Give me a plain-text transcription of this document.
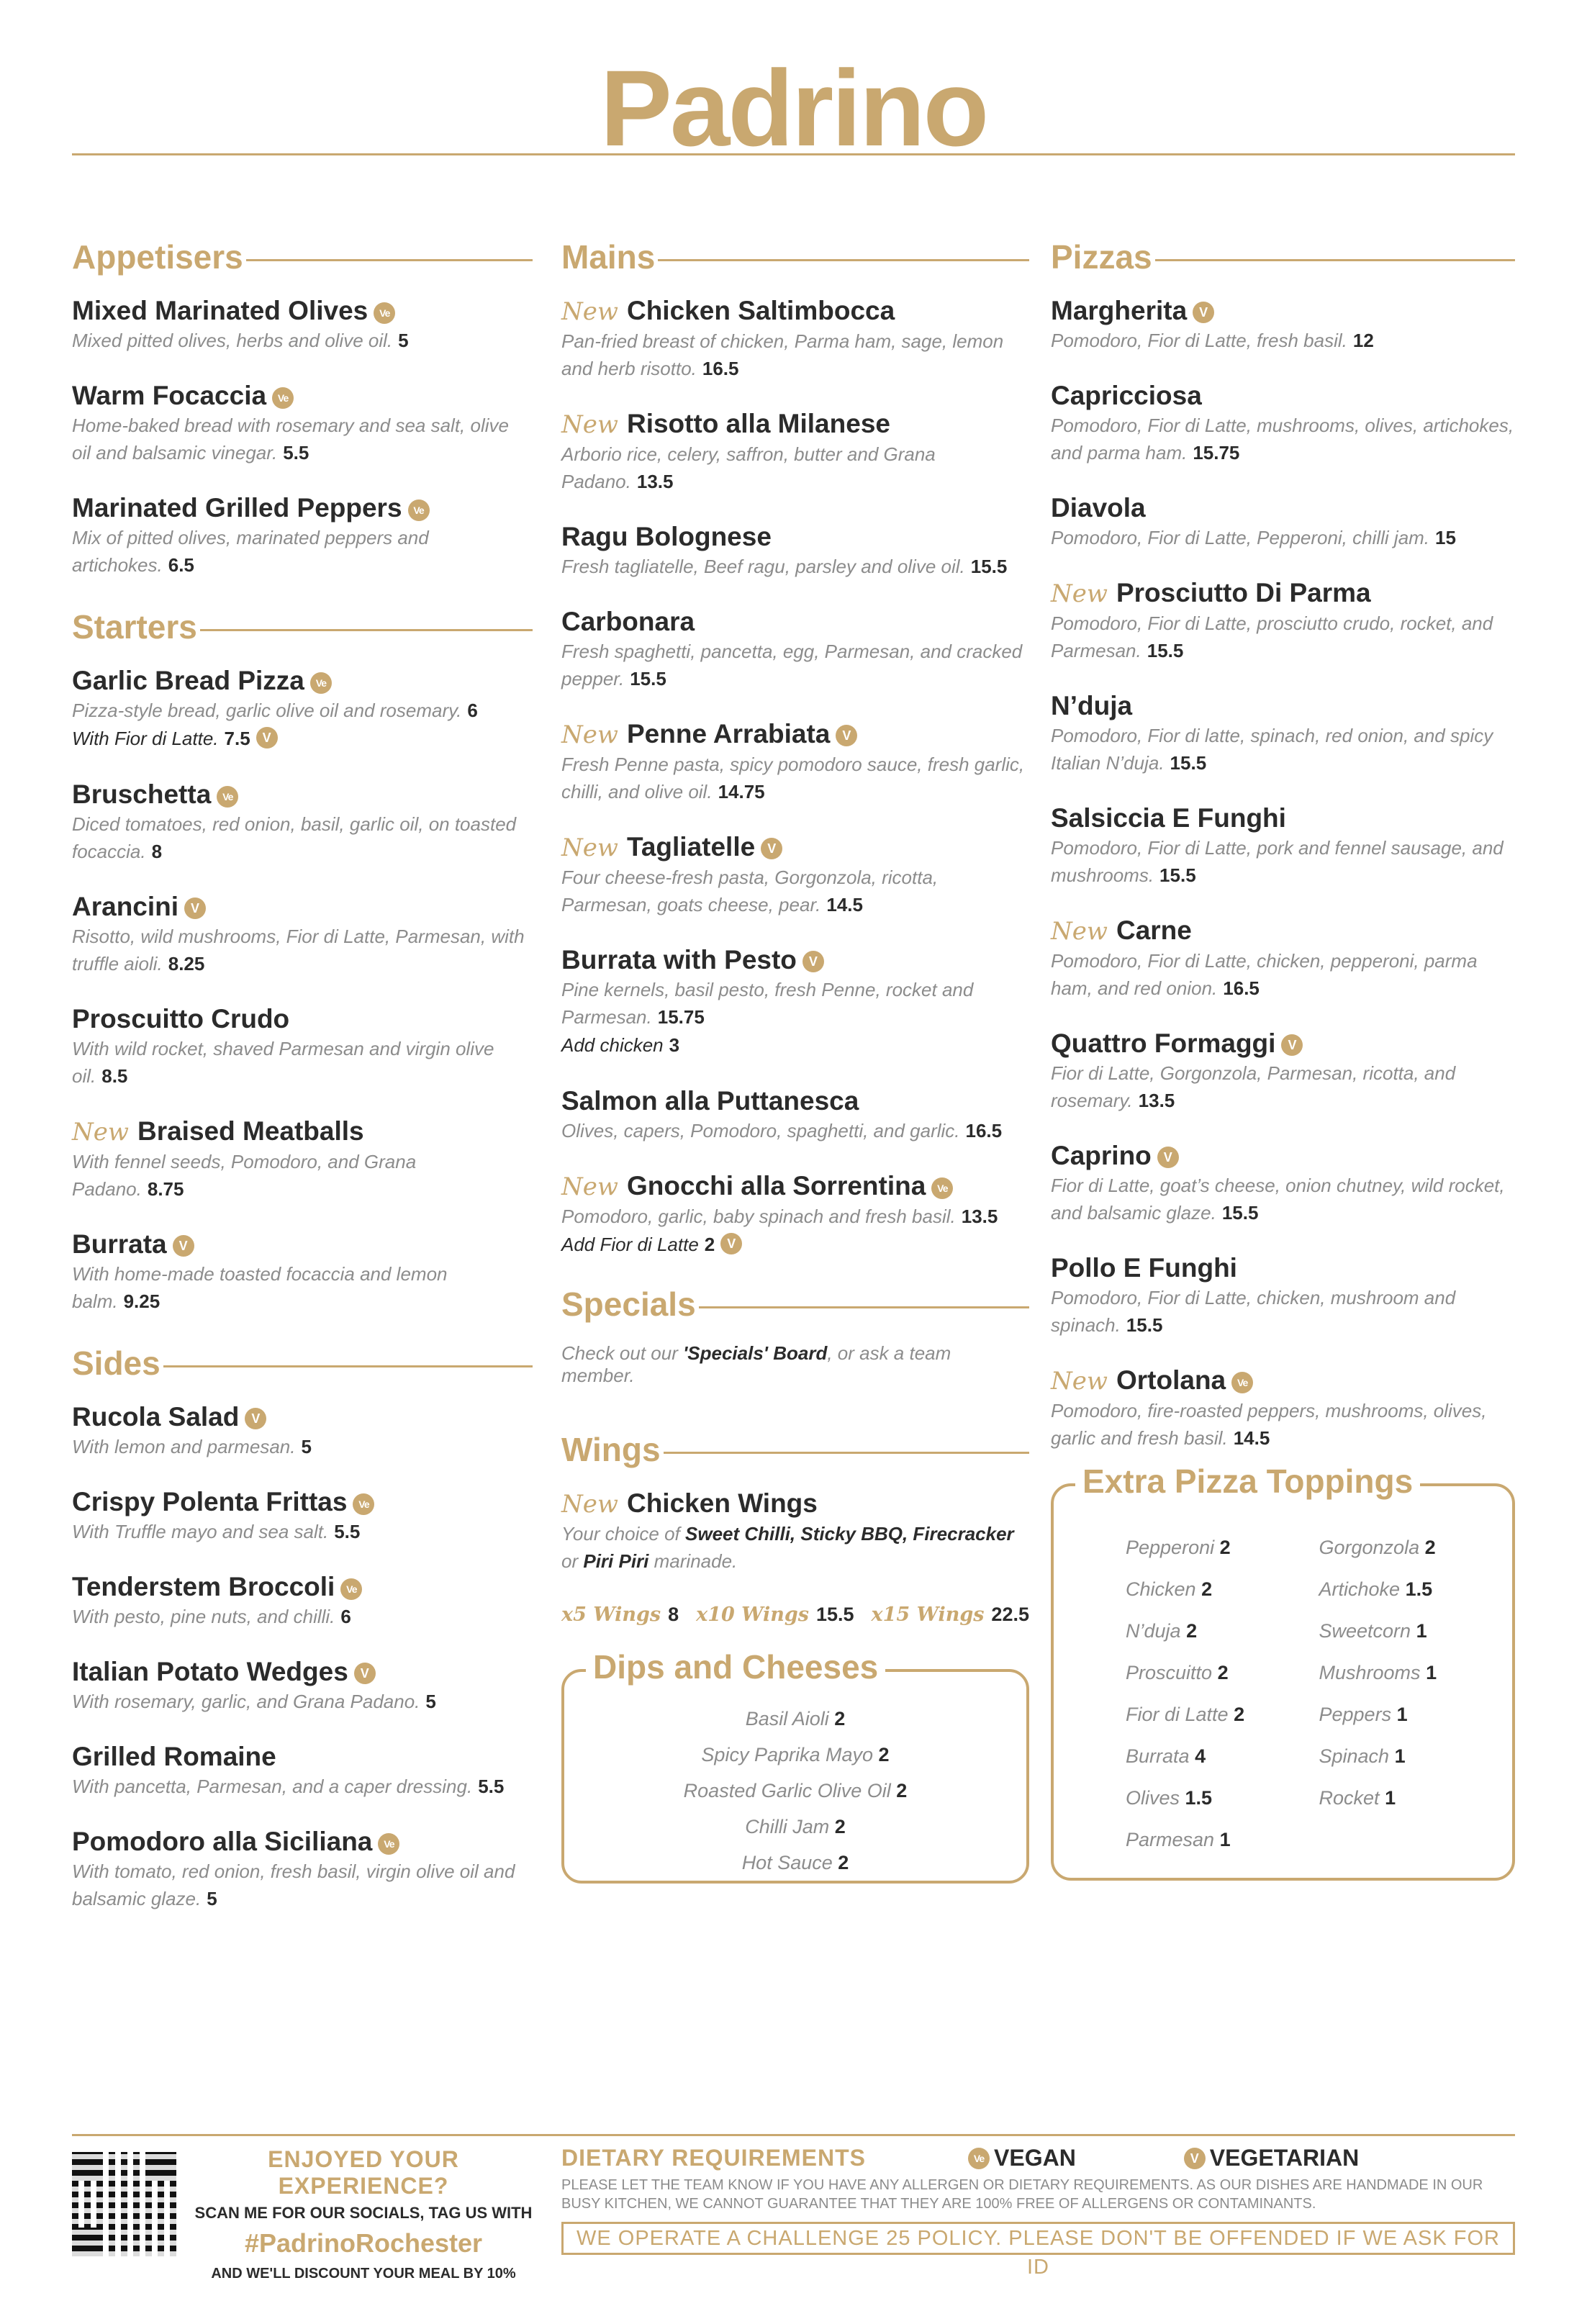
Padrino
Appetisers
Mixed Marinated Olives Ve
Mixed pitted olives, herbs and olive oil. 5
Warm Focaccia Ve
Home-baked bread with rosemary and sea salt, olive oil and balsamic vinegar. 5.5
Marinated Grilled Peppers Ve
Mix of pitted olives, marinated peppers and artichokes. 6.5
Starters
Garlic Bread Pizza Ve
Pizza-style bread, garlic olive oil and rosemary. 6
With Fior di Latte. 7.5 V
Bruschetta Ve
Diced tomatoes, red onion, basil, garlic oil, on toasted focaccia. 8
Arancini V
Risotto, wild mushrooms, Fior di Latte, Parmesan, with truffle aioli. 8.25
Proscuitto Crudo
With wild rocket, shaved Parmesan and virgin olive oil. 8.5
New Braised Meatballs
With fennel seeds, Pomodoro, and Grana Padano. 8.75
Burrata V
With home-made toasted focaccia and lemon balm. 9.25
Sides
Rucola Salad V
With lemon and parmesan. 5
Crispy Polenta Frittas Ve
With Truffle mayo and sea salt. 5.5
Tenderstem Broccoli Ve
With pesto, pine nuts, and chilli. 6
Italian Potato Wedges V
With rosemary, garlic, and Grana Padano. 5
Grilled Romaine
With pancetta, Parmesan, and a caper dressing. 5.5
Pomodoro alla Siciliana Ve
With tomato, red onion, fresh basil, virgin olive oil and balsamic glaze. 5
Mains
New Chicken Saltimbocca
Pan-fried breast of chicken, Parma ham, sage, lemon and herb risotto. 16.5
New Risotto alla Milanese
Arborio rice, celery, saffron, butter and Grana Padano. 13.5
Ragu Bolognese
Fresh tagliatelle, Beef ragu, parsley and olive oil. 15.5
Carbonara
Fresh spaghetti, pancetta, egg, Parmesan, and cracked pepper. 15.5
New Penne Arrabiata V
Fresh Penne pasta, spicy pomodoro sauce, fresh garlic, chilli, and olive oil. 14.75
New Tagliatelle V
Four cheese-fresh pasta, Gorgonzola, ricotta, Parmesan, goats cheese, pear. 14.5
Burrata with Pesto V
Pine kernels, basil pesto, fresh Penne, rocket and Parmesan. 15.75
Add chicken 3
Salmon alla Puttanesca
Olives, capers, Pomodoro, spaghetti, and garlic. 16.5
New Gnocchi alla Sorrentina Ve
Pomodoro, garlic, baby spinach and fresh basil. 13.5
Add Fior di Latte 2 V
Specials
Check out our 'Specials' Board, or ask a team member.
Wings
New Chicken Wings
Your choice of Sweet Chilli, Sticky BBQ, Firecracker or Piri Piri marinade.
x5 Wings 8 x10 Wings 15.5 x15 Wings 22.5
Dips and Cheeses
Basil Aioli 2
Spicy Paprika Mayo 2
Roasted Garlic Olive Oil 2
Chilli Jam 2
Hot Sauce 2
Pizzas
Margherita V
Pomodoro, Fior di Latte, fresh basil. 12
Capricciosa
Pomodoro, Fior di Latte, mushrooms, olives, artichokes, and parma ham. 15.75
Diavola
Pomodoro, Fior di Latte, Pepperoni, chilli jam. 15
New Prosciutto Di Parma
Pomodoro, Fior di Latte, prosciutto crudo, rocket, and Parmesan. 15.5
N’duja
Pomodoro, Fior di latte, spinach, red onion, and spicy Italian N’duja. 15.5
Salsiccia E Funghi
Pomodoro, Fior di Latte, pork and fennel sausage, and mushrooms. 15.5
New Carne
Pomodoro, Fior di Latte, chicken, pepperoni, parma ham, and red onion. 16.5
Quattro Formaggi V
Fior di Latte, Gorgonzola, Parmesan, ricotta, and rosemary. 13.5
Caprino V
Fior di Latte, goat’s cheese, onion chutney, wild rocket, and balsamic glaze. 15.5
Pollo E Funghi
Pomodoro, Fior di Latte, chicken, mushroom and spinach. 15.5
New Ortolana Ve
Pomodoro, fire-roasted peppers, mushrooms, olives, garlic and fresh basil. 14.5
Extra Pizza Toppings
Pepperoni 2
Chicken 2
N’duja 2
Proscuitto 2
Fior di Latte 2
Burrata 4
Olives 1.5
Parmesan 1
Gorgonzola 2
Artichoke 1.5
Sweetcorn 1
Mushrooms 1
Peppers 1
Spinach 1
Rocket 1
ENJOYED YOUR EXPERIENCE?
SCAN ME FOR OUR SOCIALS, TAG US WITH
#PadrinoRochester
AND WE'LL DISCOUNT YOUR MEAL BY 10%
DIETARY REQUIREMENTS	Ve VEGAN	V VEGETARIAN
PLEASE LET THE TEAM KNOW IF YOU HAVE ANY ALLERGEN OR DIETARY REQUIREMENTS. AS OUR DISHES ARE HANDMADE IN OUR BUSY KITCHEN, WE CANNOT GUARANTEE THAT THEY ARE 100% FREE OF ALLERGENS OR CONTAMINANTS.
WE OPERATE A CHALLENGE 25 POLICY. PLEASE DON'T BE OFFENDED IF WE ASK FOR ID
